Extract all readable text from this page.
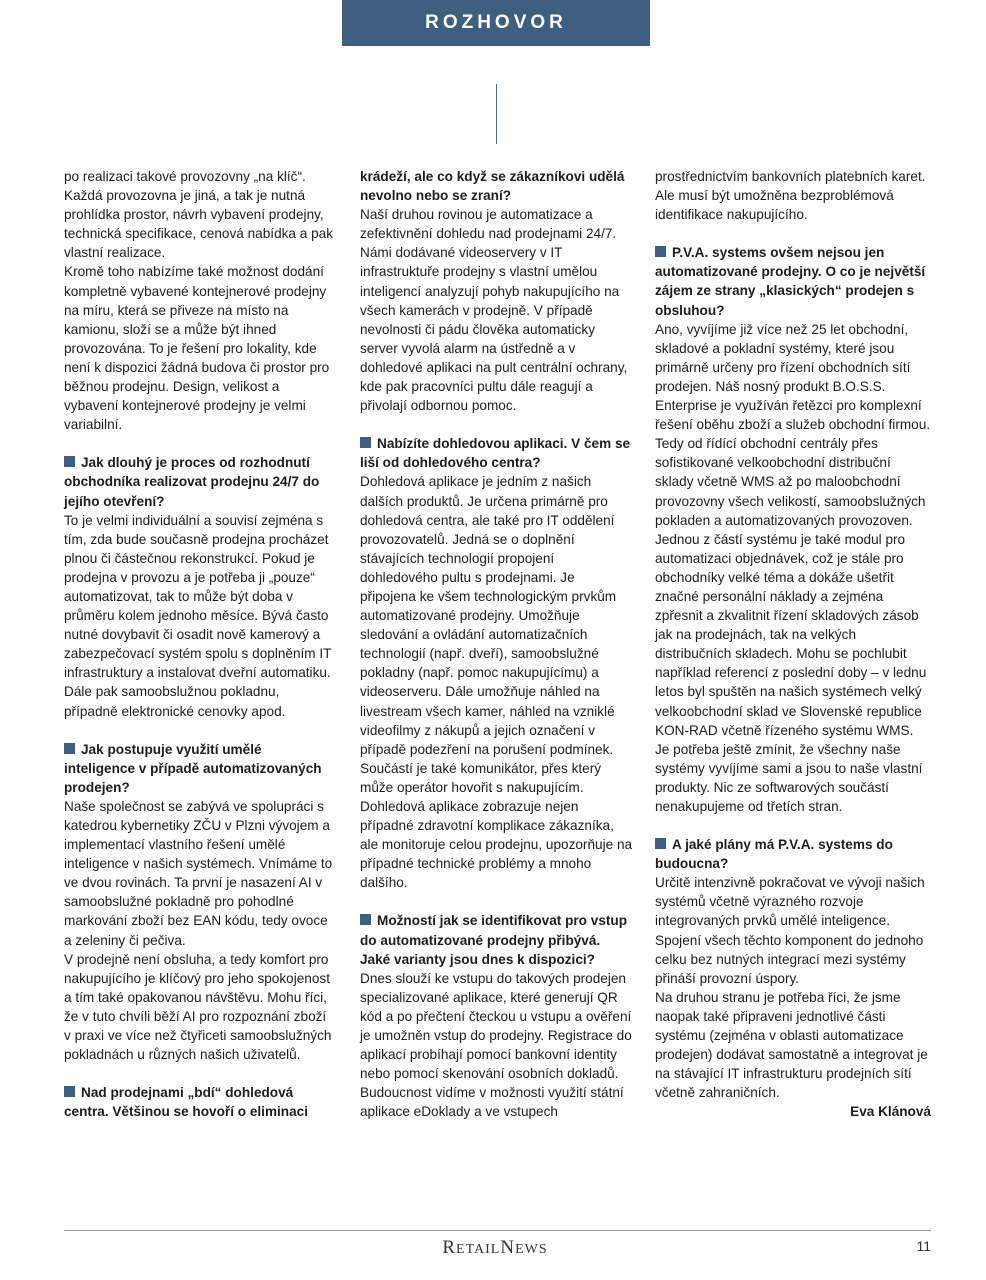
ROZHOVOR

po realizaci takové provozovny „na klíč“. Každá provozovna je jiná, a tak je nutná prohlídka prostor, návrh vybavení prodejny, technická specifikace, cenová nabídka a pak vlastní realizace.

Kromě toho nabízíme také možnost dodání kompletně vybavené kontejnerové prodejny na míru, která se přiveze na místo na kamionu, složí se a může být ihned provozována. To je řešení pro lokality, kde není k dispozici žádná budova či prostor pro běžnou prodejnu. Design, velikost a vybavení kontejnerové prodejny je velmi variabilní.

Jak dlouhý je proces od rozhodnutí obchodníka realizovat prodejnu 24/7 do jejího otevření?

To je velmi individuální a souvisí zejména s tím, zda bude současně prodejna procházet plnou či částečnou rekonstrukcí. Pokud je prodejna v provozu a je potřeba ji „pouze“ automatizovat, tak to může být doba v průměru kolem jednoho měsíce. Bývá často nutné dovybavit či osadit nově kamerový a zabezpečovací systém spolu s doplněním IT infrastruktury a instalovat dveřní automatiku. Dále pak samoobslužnou pokladnu, případně elektronické cenovky apod.

Jak postupuje využití umělé inteligence v případě automatizovaných prodejen?

Naše společnost se zabývá ve spolupráci s katedrou kybernetiky ZČU v Plzni vývojem a implementací vlastního řešení umělé inteligence v našich systémech. Vnímáme to ve dvou rovinách. Ta první je nasazení AI v samoobslužné pokladně pro pohodlné markování zboží bez EAN kódu, tedy ovoce a zeleniny či pečiva.

V prodejně není obsluha, a tedy komfort pro nakupujícího je klíčový pro jeho spokojenost a tím také opakovanou návštěvu. Mohu říci, že v tuto chvíli běží AI pro rozpoznání zboží v praxi ve více než čtyřiceti samoobslužných pokladnách u různých našich uživatelů.

Nad prodejnami „bdí“ dohledová centra. Většinou se hovoří o eliminaci

krádeží, ale co když se zákazníkovi udělá nevolno nebo se zraní?

Naší druhou rovinou je automatizace a zefektivnění dohledu nad prodejnami 24/7. Námi dodávané videoservery v IT infrastruktuře prodejny s vlastní umělou inteligencí analyzují pohyb nakupujícího na všech kamerách v prodejně. V případě nevolnosti či pádu člověka automaticky server vyvolá alarm na ústředně a v dohledové aplikaci na pult centrální ochrany, kde pak pracovníci pultu dále reagují a přivolají odbornou pomoc.

Nabízíte dohledovou aplikaci. V čem se liší od dohledového centra?

Dohledová aplikace je jedním z našich dalších produktů. Je určena primárně pro dohledová centra, ale také pro IT oddělení provozovatelů. Jedná se o doplnění stávajících technologií propojení dohledového pultu s prodejnami. Je připojena ke všem technologickým prvkům automatizované prodejny. Umožňuje sledování a ovládání automatizačních technologií (např. dveří), samoobslužné pokladny (např. pomoc nakupujícímu) a videoserveru. Dále umožňuje náhled na livestream všech kamer, náhled na vzniklé videofilmy z nákupů a jejich označení v případě podezření na porušení podmínek. Součástí je také komunikátor, přes který může operátor hovořit s nakupujícím. Dohledová aplikace zobrazuje nejen případné zdravotní komplikace zákazníka, ale monitoruje celou prodejnu, upozorňuje na případné technické problémy a mnoho dalšího.

Možností jak se identifikovat pro vstup do automatizované prodejny přibývá. Jaké varianty jsou dnes k dispozici?

Dnes slouží ke vstupu do takových prodejen specializované aplikace, které generují QR kód a po přečtení čteckou u vstupu a ověření je umožněn vstup do prodejny. Registrace do aplikací probíhají pomocí bankovní identity nebo pomocí skenování osobních dokladů. Budoucnost vidíme v možnosti využití státní aplikace eDoklady a ve vstupech

prostřednictvím bankovních platebních karet. Ale musí být umožněna bezproblémová identifikace nakupujícího.

P.V.A. systems ovšem nejsou jen automatizované prodejny. O co je největší zájem ze strany „klasických“ prodejen s obsluhou?

Ano, vyvíjíme již více než 25 let obchodní, skladové a pokladní systémy, které jsou primárně určeny pro řízení obchodních sítí prodejen. Náš nosný produkt B.O.S.S. Enterprise je využíván řetězci pro komplexní řešení oběhu zboží a služeb obchodní firmou. Tedy od řídící obchodní centrály přes sofistikované velkoobchodní distribuční sklady včetně WMS až po maloobchodní provozovny všech velikostí, samoobslužných pokladen a automatizovaných provozoven. Jednou z částí systému je také modul pro automatizaci objednávek, což je stále pro obchodníky velké téma a dokáže ušetřit značné personální náklady a zejména zpřesnit a zkvalitnit řízení skladových zásob jak na prodejnách, tak na velkých distribučních skladech. Mohu se pochlubit například referencí z poslední doby – v lednu letos byl spuštěn na našich systémech velký velkoobchodní sklad ve Slovenské republice KON-RAD včetně řízeného systému WMS. Je potřeba ještě zmínit, že všechny naše systémy vyvíjíme sami a jsou to naše vlastní produkty. Nic ze softwarových součástí nenakupujeme od třetích stran.

A jaké plány má P.V.A. systems do budoucna?

Určitě intenzivně pokračovat ve vývoji našich systémů včetně výrazného rozvoje integrovaných prvků umělé inteligence. Spojení všech těchto komponent do jednoho celku bez nutných integrací mezi systémy přináší provozní úspory.

Na druhou stranu je potřeba říci, že jsme naopak také připraveni jednotlivé části systému (zejména v oblasti automatizace prodejen) dodávat samostatně a integrovat je na stávající IT infrastrukturu prodejních sítí včetně zahraničních.

Eva Klánová

RETAILNEWS	11
